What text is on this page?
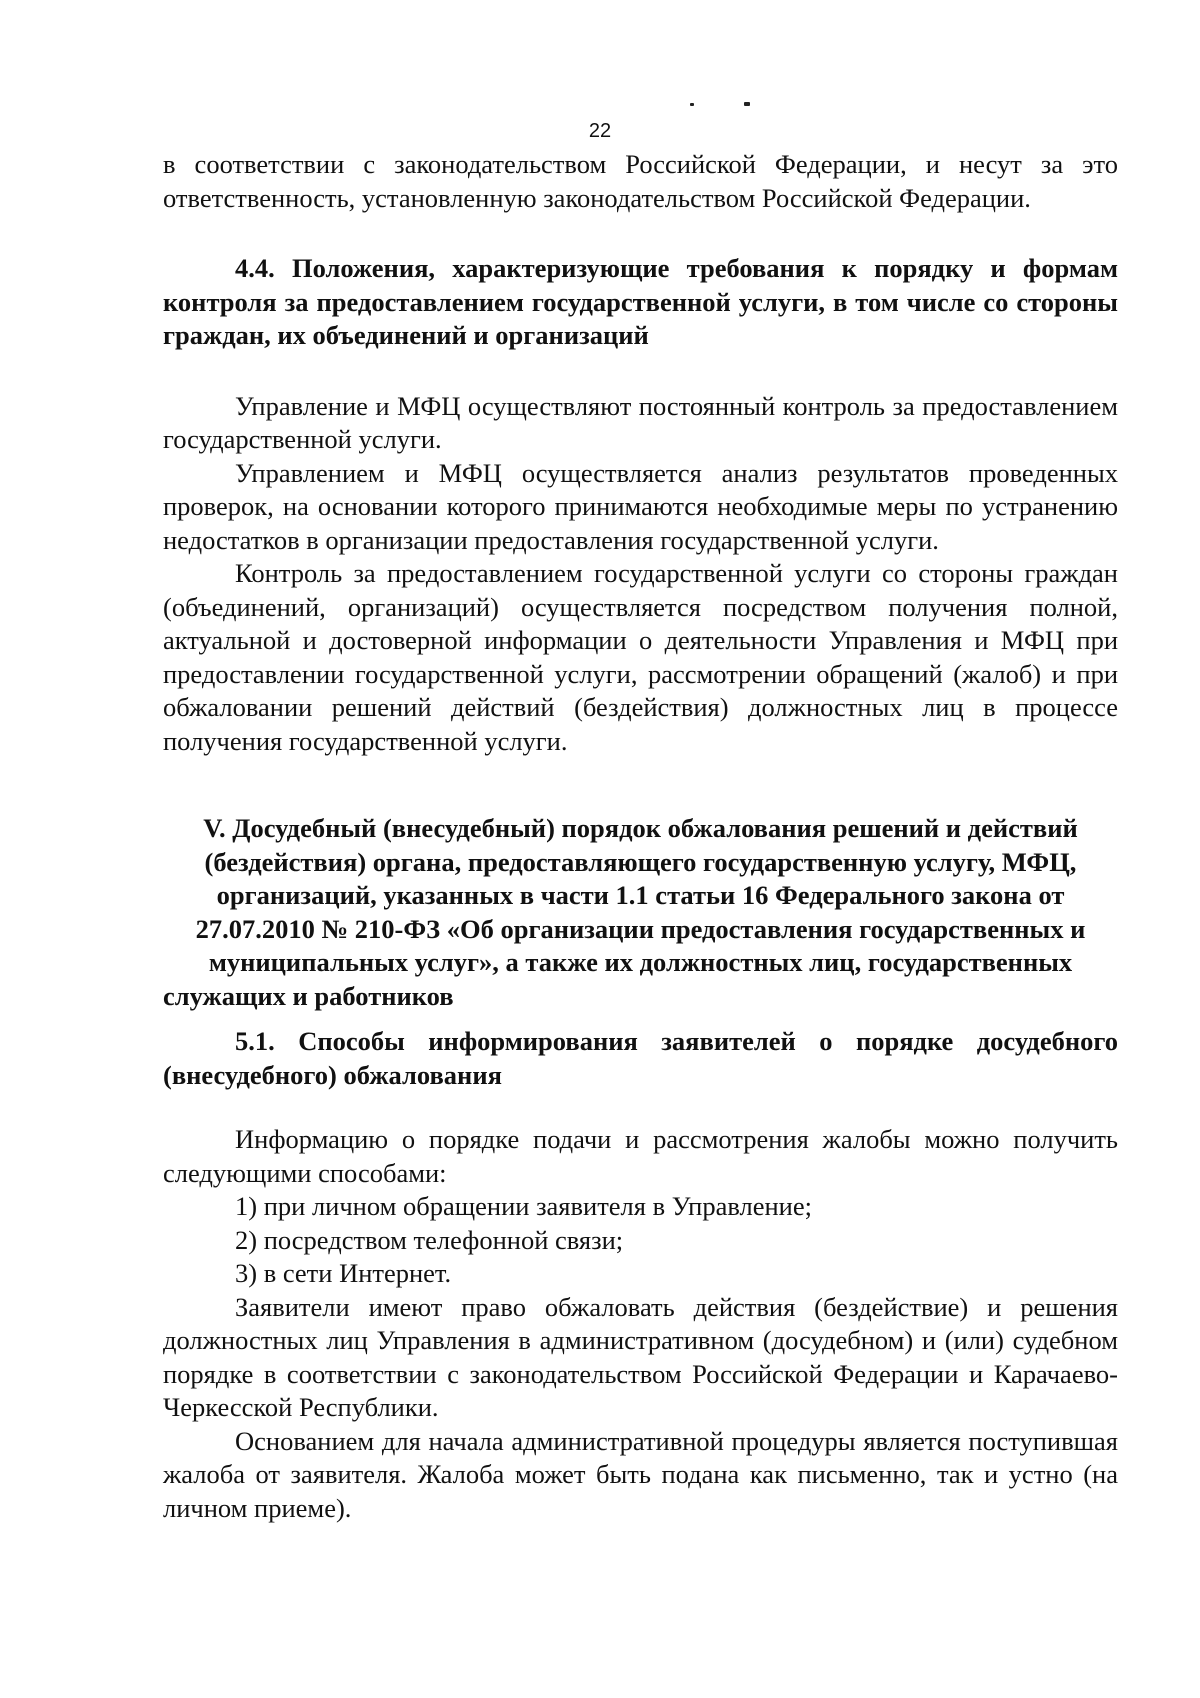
22

в соответствии с законодательством Российской Федерации, и несут за это ответственность, установленную законодательством Российской Федерации.

4.4. Положения, характеризующие требования к порядку и формам контроля за предоставлением государственной услуги, в том числе со стороны граждан, их объединений и организаций

Управление и МФЦ осуществляют постоянный контроль за предоставлением государственной услуги.

Управлением и МФЦ осуществляется анализ результатов проведенных проверок, на основании которого принимаются необходимые меры по устранению недостатков в организации предоставления государственной услуги.

Контроль за предоставлением государственной услуги со стороны граждан (объединений, организаций) осуществляется посредством получения полной, актуальной и достоверной информации о деятельности Управления и МФЦ при предоставлении государственной услуги, рассмотрении обращений (жалоб) и при обжаловании решений действий (бездействия) должностных лиц в процессе получения государственной услуги.

V. Досудебный (внесудебный) порядок обжалования решений и действий (бездействия) органа, предоставляющего государственную услугу, МФЦ, организаций, указанных в части 1.1 статьи 16 Федерального закона от 27.07.2010 № 210-ФЗ «Об организации предоставления государственных и муниципальных услуг», а также их должностных лиц, государственных служащих и работников

5.1. Способы информирования заявителей о порядке досудебного (внесудебного) обжалования

Информацию о порядке подачи и рассмотрения жалобы можно получить следующими способами:

1) при личном обращении заявителя в Управление;

2) посредством телефонной связи;

3) в сети Интернет.

Заявители имеют право обжаловать действия (бездействие) и решения должностных лиц Управления в административном (досудебном) и (или) судебном порядке в соответствии с законодательством Российской Федерации и Карачаево-Черкесской Республики.

Основанием для начала административной процедуры является поступившая жалоба от заявителя. Жалоба может быть подана как письменно, так и устно (на личном приеме).
